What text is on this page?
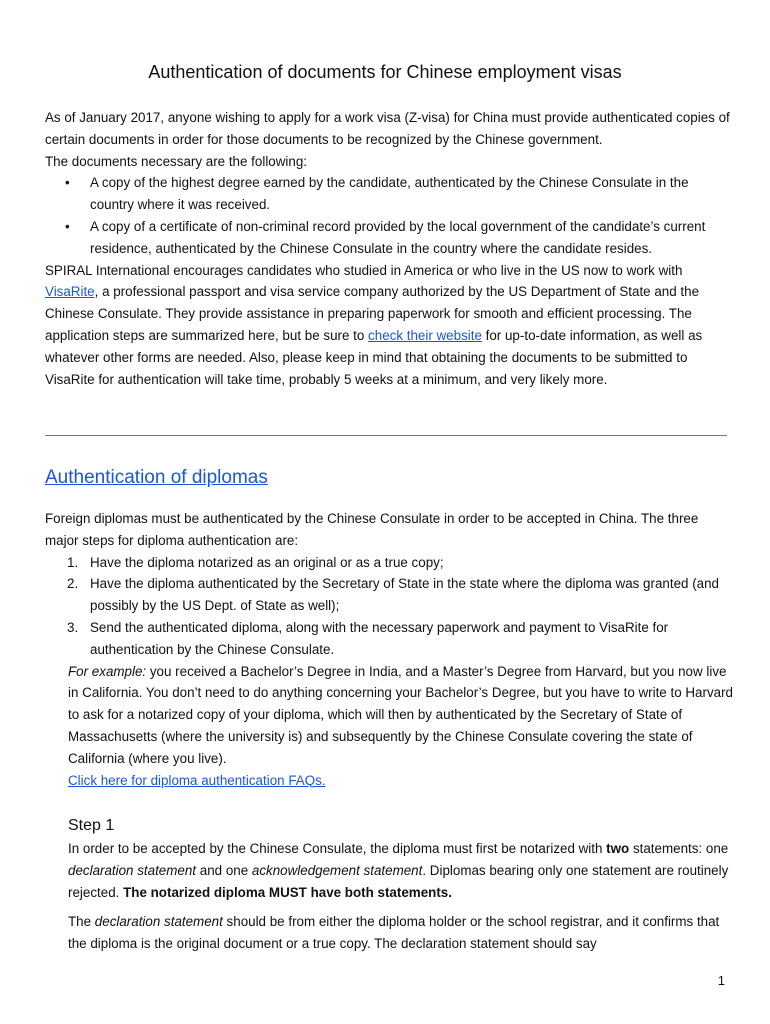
Authentication of documents for Chinese employment visas

As of January 2017, anyone wishing to apply for a work visa (Z-visa) for China must provide authenticated copies of certain documents in order for those documents to be recognized by the Chinese government.

The documents necessary are the following:

• A copy of the highest degree earned by the candidate, authenticated by the Chinese Consulate in the country where it was received.
• A copy of a certificate of non-criminal record provided by the local government of the candidate’s current residence, authenticated by the Chinese Consulate in the country where the candidate resides.

SPIRAL International encourages candidates who studied in America or who live in the US now to work with VisaRite, a professional passport and visa service company authorized by the US Department of State and the Chinese Consulate. They provide assistance in preparing paperwork for smooth and efficient processing. The application steps are summarized here, but be sure to check their website for up-to-date information, as well as whatever other forms are needed. Also, please keep in mind that obtaining the documents to be submitted to VisaRite for authentication will take time, probably 5 weeks at a minimum, and very likely more.

Authentication of diplomas

Foreign diplomas must be authenticated by the Chinese Consulate in order to be accepted in China. The three major steps for diploma authentication are:

1. Have the diploma notarized as an original or as a true copy;
2. Have the diploma authenticated by the Secretary of State in the state where the diploma was granted (and possibly by the US Dept. of State as well);
3. Send the authenticated diploma, along with the necessary paperwork and payment to VisaRite for authentication by the Chinese Consulate.

For example: you received a Bachelor’s Degree in India, and a Master’s Degree from Harvard, but you now live in California. You don’t need to do anything concerning your Bachelor’s Degree, but you have to write to Harvard to ask for a notarized copy of your diploma, which will then by authenticated by the Secretary of State of Massachusetts (where the university is) and subsequently by the Chinese Consulate covering the state of California (where you live).

Click here for diploma authentication FAQs.

Step 1

In order to be accepted by the Chinese Consulate, the diploma must first be notarized with two statements: one declaration statement and one acknowledgement statement. Diplomas bearing only one statement are routinely rejected. The notarized diploma MUST have both statements.

The declaration statement should be from either the diploma holder or the school registrar, and it confirms that the diploma is the original document or a true copy. The declaration statement should say

1
